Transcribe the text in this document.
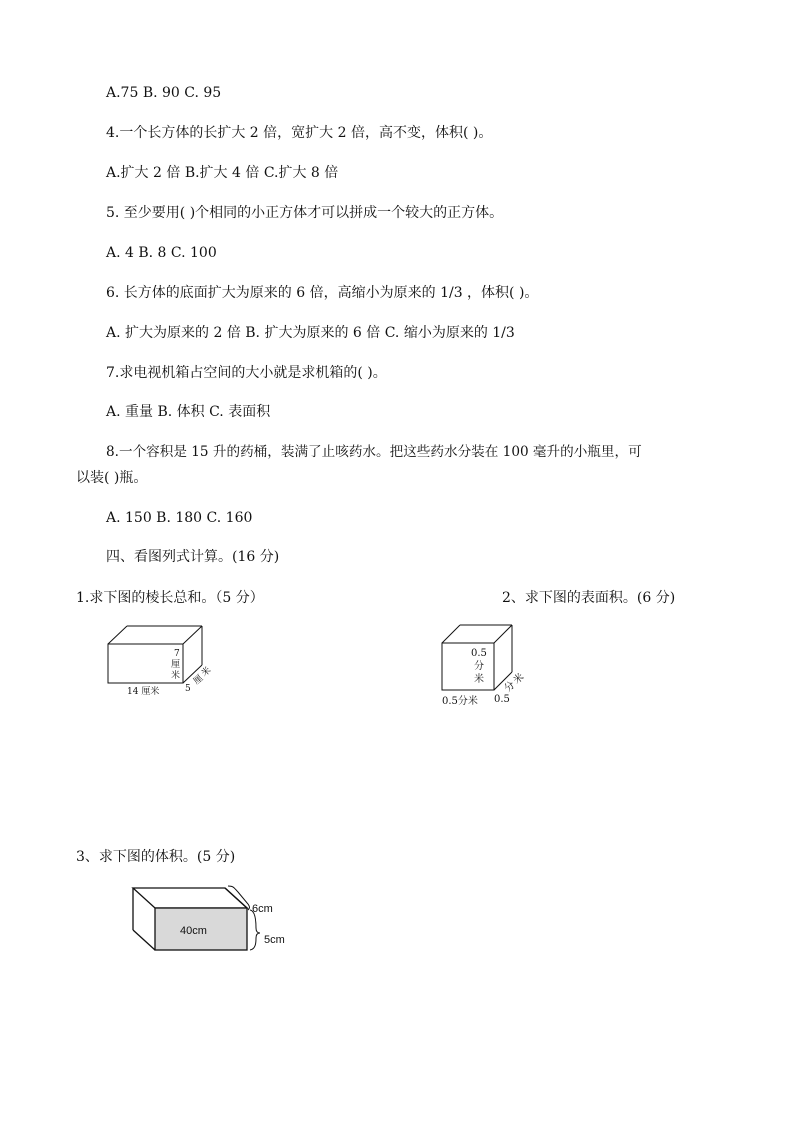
A.75 B. 90 C. 95
4.一个长方体的长扩大 2 倍，宽扩大 2 倍，高不变，体积( )。
A.扩大 2 倍 B.扩大 4 倍 C.扩大 8 倍
5. 至少要用( )个相同的小正方体才可以拼成一个较大的正方体。
A. 4 B. 8 C. 100
6. 长方体的底面扩大为原来的 6 倍，高缩小为原来的 1/3 ，体积( )。
A. 扩大为原来的 2 倍 B. 扩大为原来的 6 倍 C. 缩小为原来的 1/3
7.求电视机箱占空间的大小就是求机箱的( )。
A. 重量 B. 体积 C. 表面积
8.一个容积是 15 升的药桶，装满了止咳药水。把这些药水分装在 100 毫升的小瓶里，可
以装( )瓶。
A. 150 B. 180 C. 160
四、看图列式计算。(16 分)
1.求下图的棱长总和。（5 分）	2、求下图的表面积。(6 分)
3、求下图的体积。(5 分)
7
厘
米
14 厘米	5
厘
米
0.5
分
米
0.5分米 0.5
分
米
40cm
6cm
5cm
